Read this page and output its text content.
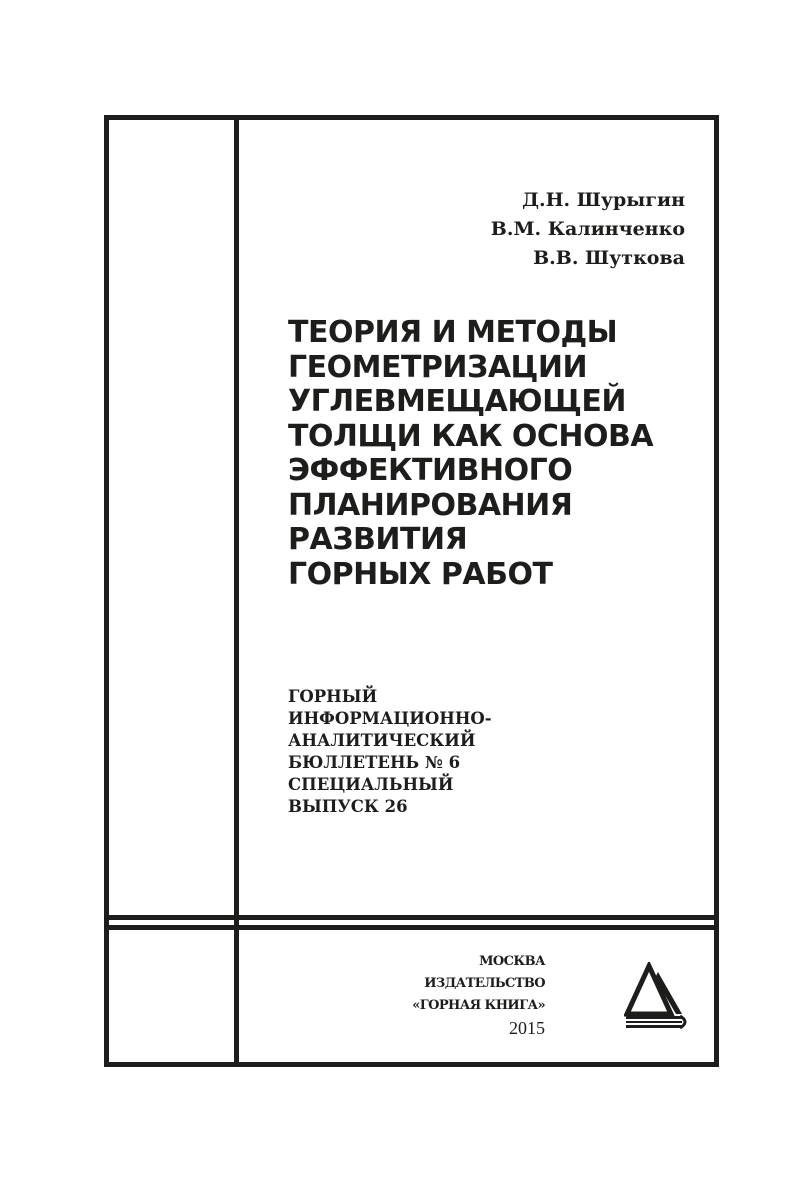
Д.Н. Шурыгин
В.М. Калинченко
В.В. Шуткова
ТЕОРИЯ И МЕТОДЫ
ГЕОМЕТРИЗАЦИИ
УГЛЕВМЕЩАЮЩЕЙ
ТОЛЩИ КАК ОСНОВА
ЭФФЕКТИВНОГО
ПЛАНИРОВАНИЯ
РАЗВИТИЯ
ГОРНЫХ РАБОТ
ГОРНЫЙ
ИНФОРМАЦИОННО-
АНАЛИТИЧЕСКИЙ
БЮЛЛЕТЕНЬ № 6
СПЕЦИАЛЬНЫЙ
ВЫПУСК 26
МОСКВА
ИЗДАТЕЛЬСТВО
«ГОРНАЯ КНИГА»
2015
